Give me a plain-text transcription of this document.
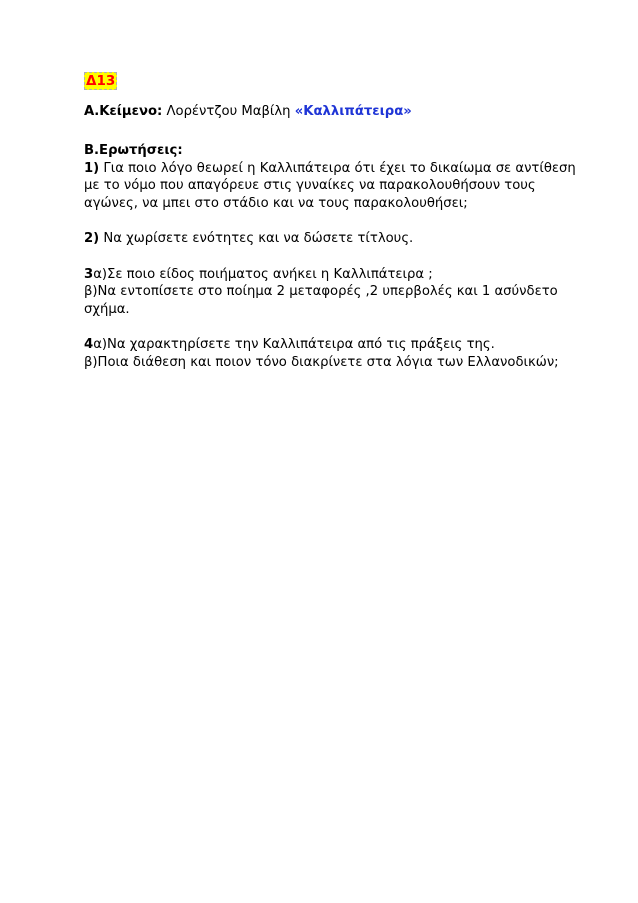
Δ13
Α.Κείμενο: Λορέντζου Μαβίλη «Καλλιπάτειρα»
Β.Ερωτήσεις:
1) Για ποιο λόγο θεωρεί η Καλλιπάτειρα ότι έχει το δικαίωμα σε αντίθεση
με το νόμο που απαγόρευε στις γυναίκες να παρακολουθήσουν τους
αγώνες, να μπει στο στάδιο και να τους παρακολουθήσει;
2) Να χωρίσετε ενότητες και να δώσετε τίτλους.
3α)Σε ποιο είδος ποιήματος ανήκει η Καλλιπάτειρα ;
β)Να εντοπίσετε στο ποίημα 2 μεταφορές ,2 υπερβολές και 1 ασύνδετο
σχήμα.
4α)Να χαρακτηρίσετε την Καλλιπάτειρα από τις πράξεις της.
β)Ποια διάθεση και ποιον τόνο διακρίνετε στα λόγια των Ελλανοδικών;
